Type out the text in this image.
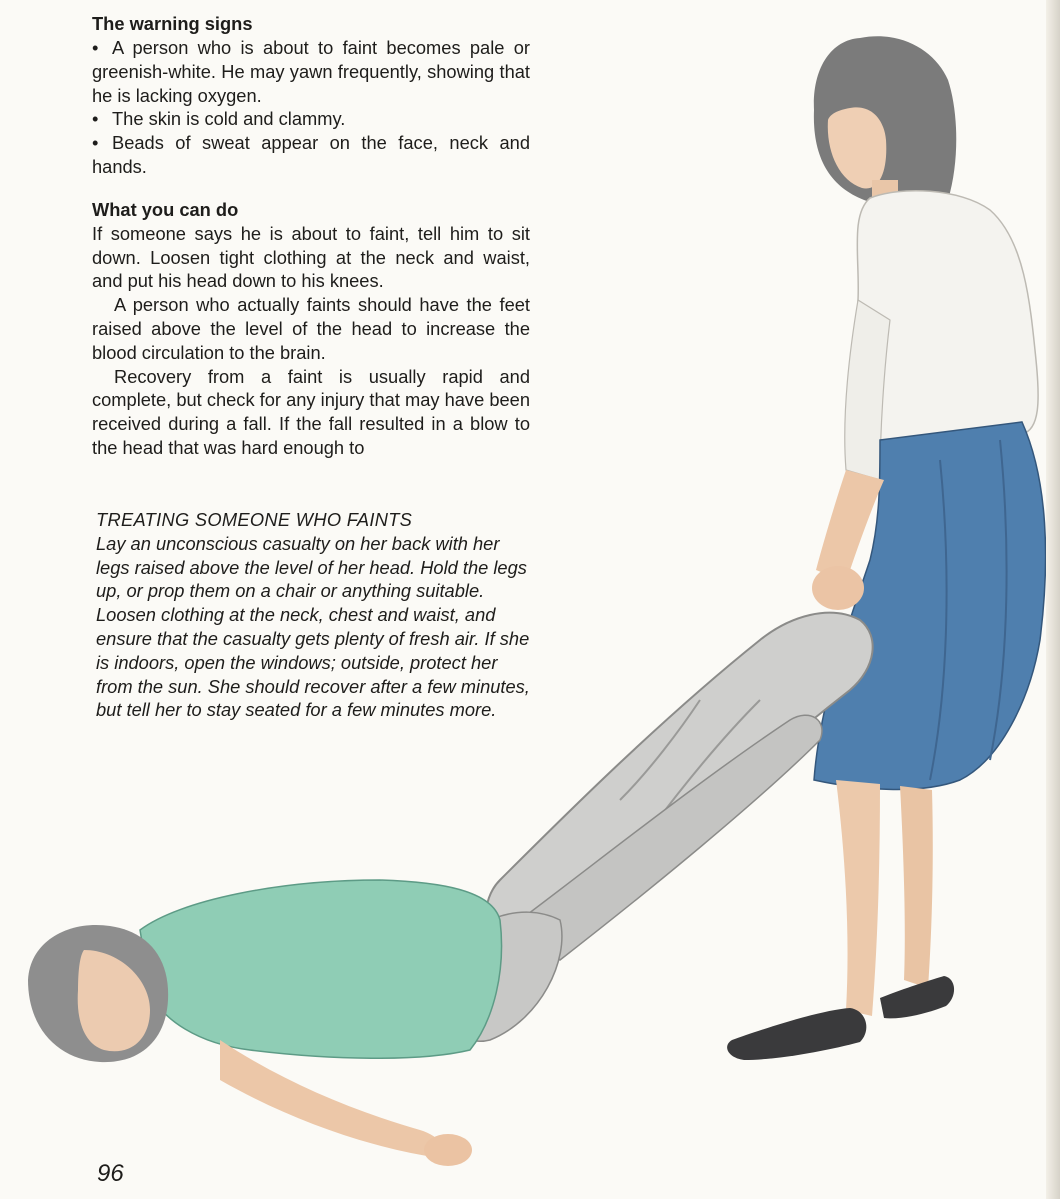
The warning signs

• A person who is about to faint becomes pale or greenish-white. He may yawn frequently, showing that he is lacking oxygen.

• The skin is cold and clammy.

• Beads of sweat appear on the face, neck and hands.

What you can do

If someone says he is about to faint, tell him to sit down. Loosen tight clothing at the neck and waist, and put his head down to his knees.

A person who actually faints should have the feet raised above the level of the head to increase the blood circulation to the brain.

Recovery from a faint is usually rapid and complete, but check for any injury that may have been received during a fall. If the fall resulted in a blow to the head that was hard enough to

TREATING SOMEONE WHO FAINTS

Lay an unconscious casualty on her back with her legs raised above the level of her head. Hold the legs up, or prop them on a chair or anything suitable. Loosen clothing at the neck, chest and waist, and ensure that the casualty gets plenty of fresh air. If she is indoors, open the windows; outside, protect her from the sun. She should recover after a few minutes, but tell her to stay seated for a few minutes more.

96
